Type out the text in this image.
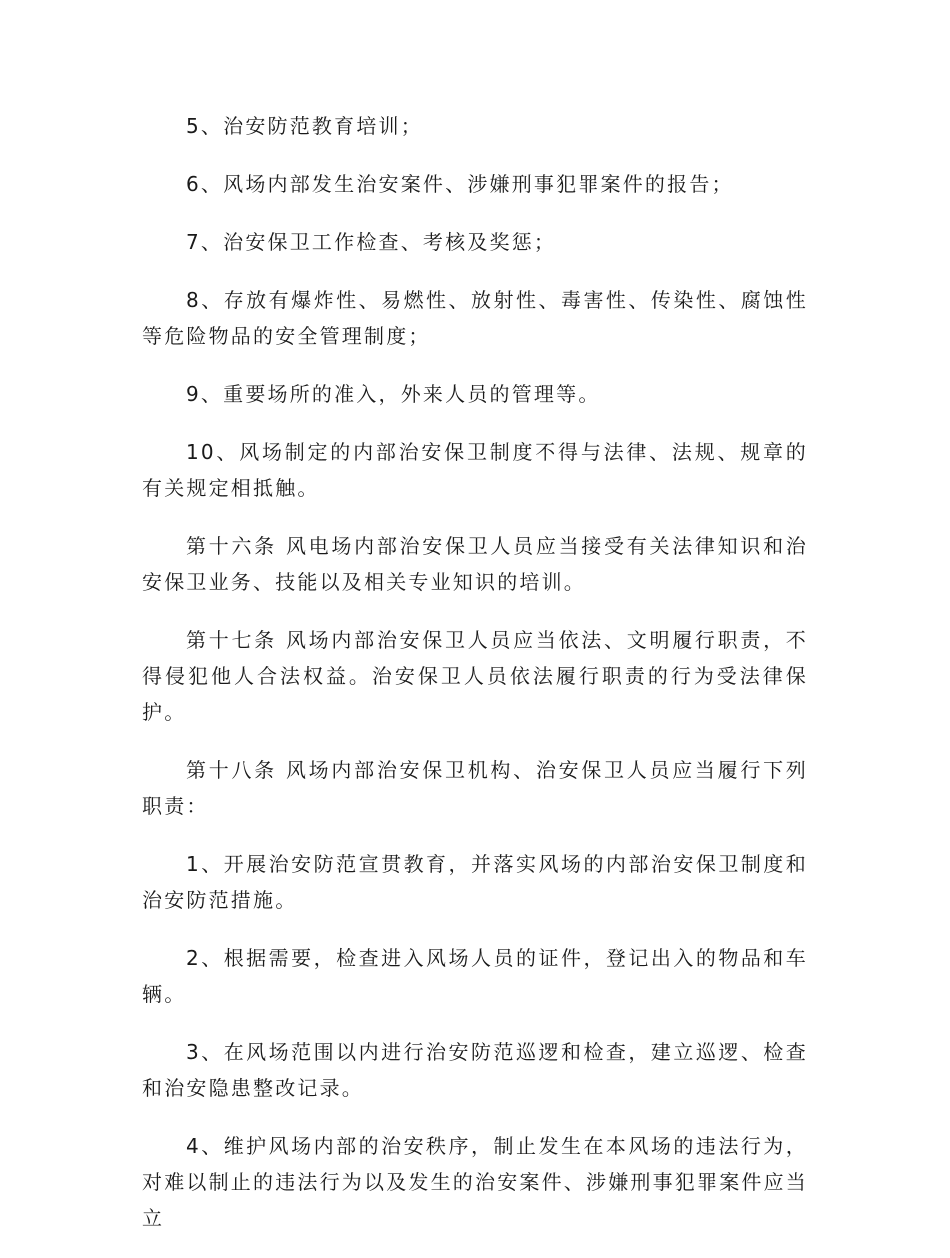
5、治安防范教育培训；

6、风场内部发生治安案件、涉嫌刑事犯罪案件的报告；

7、治安保卫工作检查、考核及奖惩；

8、存放有爆炸性、易燃性、放射性、毒害性、传染性、腐蚀性等危险物品的安全管理制度；

9、重要场所的准入，外来人员的管理等。

10、风场制定的内部治安保卫制度不得与法律、法规、规章的有关规定相抵触。

第十六条 风电场内部治安保卫人员应当接受有关法律知识和治安保卫业务、技能以及相关专业知识的培训。

第十七条 风场内部治安保卫人员应当依法、文明履行职责，不得侵犯他人合法权益。治安保卫人员依法履行职责的行为受法律保护。

第十八条 风场内部治安保卫机构、治安保卫人员应当履行下列职责：

1、开展治安防范宣贯教育，并落实风场的内部治安保卫制度和治安防范措施。

2、根据需要，检查进入风场人员的证件，登记出入的物品和车辆。

3、在风场范围以内进行治安防范巡逻和检查，建立巡逻、检查和治安隐患整改记录。

4、维护风场内部的治安秩序，制止发生在本风场的违法行为，对难以制止的违法行为以及发生的治安案件、涉嫌刑事犯罪案件应当立
